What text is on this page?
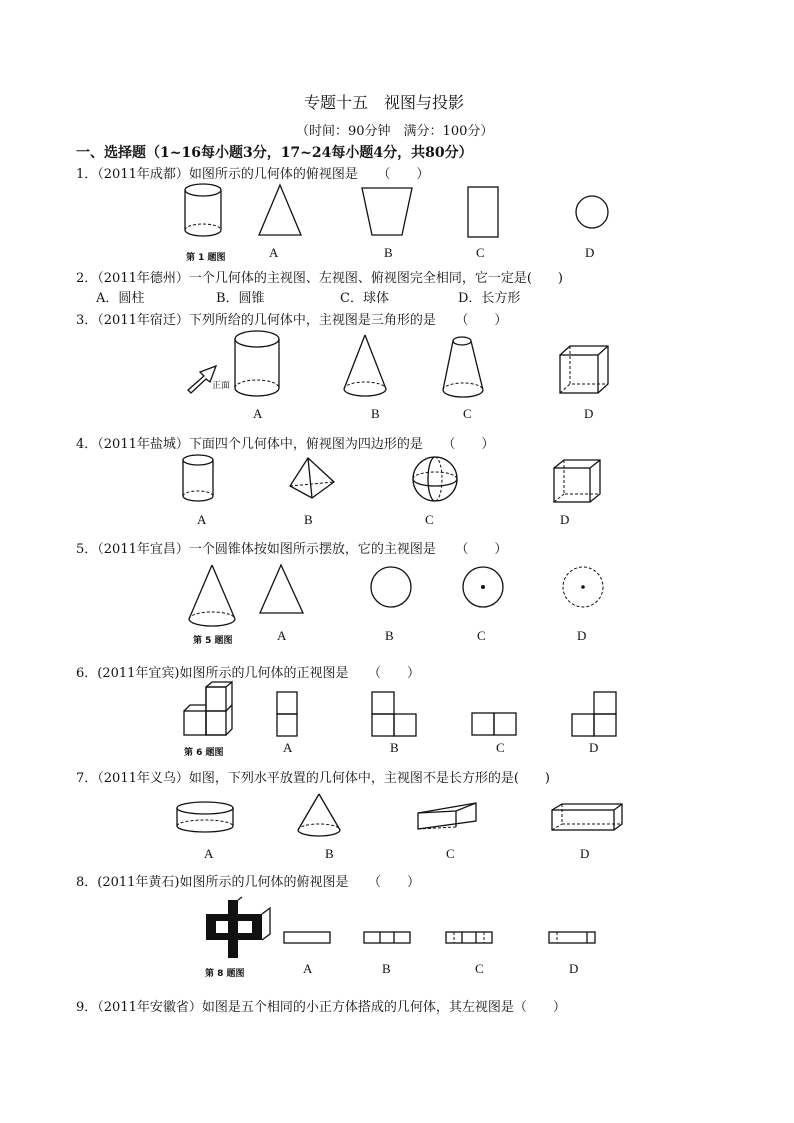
专题十五　视图与投影
（时间：90分钟　满分：100分）
一、选择题（1~16每小题3分，17~24每小题4分，共80分）
1．（2011年成都）如图所示的几何体的俯视图是　　（　　）
第 1 题图	A	B	C	D
2．（2011年德州）一个几何体的主视图、左视图、俯视图完全相同，它一定是(　　)
A．圆柱	B．圆锥	C．球体	D．长方形
3．（2011年宿迁）下列所给的几何体中，主视图是三角形的是　　（　　）
正面
A	B	C	D
4．（2011年盐城）下面四个几何体中，俯视图为四边形的是　　（　　）
A	B	C	D
5．（2011年宜昌）一个圆锥体按如图所示摆放，它的主视图是　　（　　）
第 5 题图	A	B	C	D
6．(2011年宜宾)如图所示的几何体的正视图是　　（　　）
第 6 题图	A	B	C	D
7．（2011年义乌）如图，下列水平放置的几何体中，主视图不是长方形的是(　　)
A	B	C	D
8．(2011年黄石)如图所示的几何体的俯视图是　　（　　）
第 8 题图	A	B	C	D
9．（2011年安徽省）如图是五个相同的小正方体搭成的几何体，其左视图是（　　）
